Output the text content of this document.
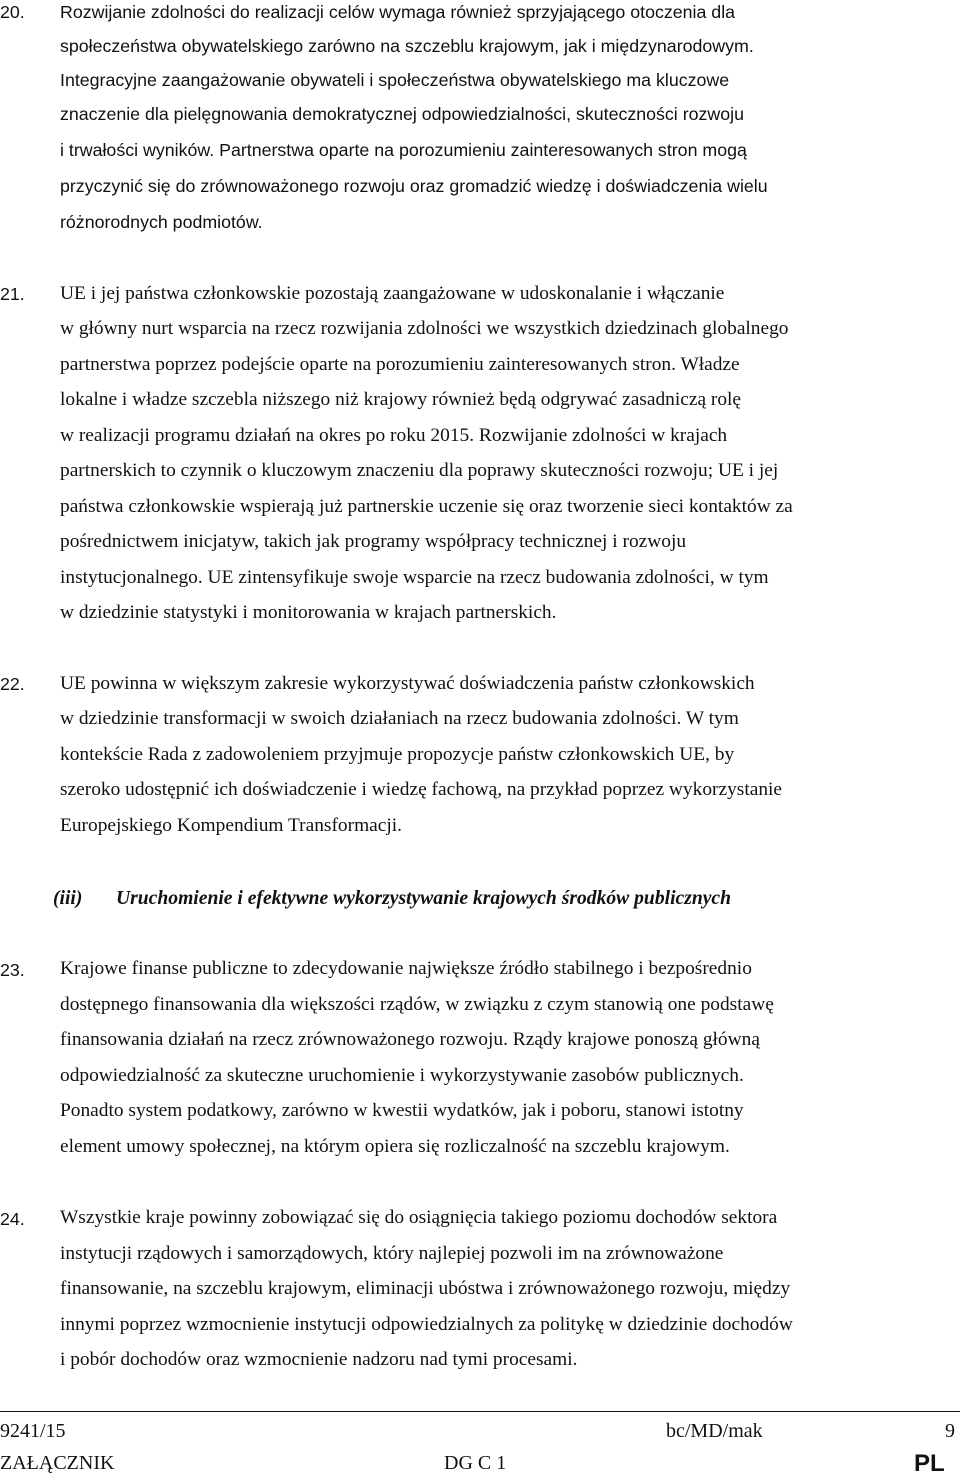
20. Rozwijanie zdolności do realizacji celów wymaga również sprzyjającego otoczenia dla
społeczeństwa obywatelskiego zarówno na szczeblu krajowym, jak i międzynarodowym.
Integracyjne zaangażowanie obywateli i społeczeństwa obywatelskiego ma kluczowe
znaczenie dla pielęgnowania demokratycznej odpowiedzialności, skuteczności rozwoju
i trwałości wyników. Partnerstwa oparte na porozumieniu zainteresowanych stron mogą
przyczynić się do zrównoważonego rozwoju oraz gromadzić wiedzę i doświadczenia wielu
różnorodnych podmiotów.
21. UE i jej państwa członkowskie pozostają zaangażowane w udoskonalanie i włączanie
w główny nurt wsparcia na rzecz rozwijania zdolności we wszystkich dziedzinach globalnego
partnerstwa poprzez podejście oparte na porozumieniu zainteresowanych stron. Władze
lokalne i władze szczebla niższego niż krajowy również będą odgrywać zasadniczą rolę
w realizacji programu działań na okres po roku 2015. Rozwijanie zdolności w krajach
partnerskich to czynnik o kluczowym znaczeniu dla poprawy skuteczności rozwoju; UE i jej
państwa członkowskie wspierają już partnerskie uczenie się oraz tworzenie sieci kontaktów za
pośrednictwem inicjatyw, takich jak programy współpracy technicznej i rozwoju
instytucjonalnego. UE zintensyfikuje swoje wsparcie na rzecz budowania zdolności, w tym
w dziedzinie statystyki i monitorowania w krajach partnerskich.
22. UE powinna w większym zakresie wykorzystywać doświadczenia państw członkowskich
w dziedzinie transformacji w swoich działaniach na rzecz budowania zdolności. W tym
kontekście Rada z zadowoleniem przyjmuje propozycje państw członkowskich UE, by
szeroko udostępnić ich doświadczenie i wiedzę fachową, na przykład poprzez wykorzystanie
Europejskiego Kompendium Transformacji.
(iii) Uruchomienie i efektywne wykorzystywanie krajowych środków publicznych
23. Krajowe finanse publiczne to zdecydowanie największe źródło stabilnego i bezpośrednio
dostępnego finansowania dla większości rządów, w związku z czym stanowią one podstawę
finansowania działań na rzecz zrównoważonego rozwoju. Rządy krajowe ponoszą główną
odpowiedzialność za skuteczne uruchomienie i wykorzystywanie zasobów publicznych.
Ponadto system podatkowy, zarówno w kwestii wydatków, jak i poboru, stanowi istotny
element umowy społecznej, na którym opiera się rozliczalność na szczeblu krajowym.
24. Wszystkie kraje powinny zobowiązać się do osiągnięcia takiego poziomu dochodów sektora
instytucji rządowych i samorządowych, który najlepiej pozwoli im na zrównoważone
finansowanie, na szczeblu krajowym, eliminacji ubóstwa i zrównoważonego rozwoju, między
innymi poprzez wzmocnienie instytucji odpowiedzialnych za politykę w dziedzinie dochodów
i pobór dochodów oraz wzmocnienie nadzoru nad tymi procesami.
9241/15	bc/MD/mak	9
ZAŁĄCZNIK	DG C 1	PL
